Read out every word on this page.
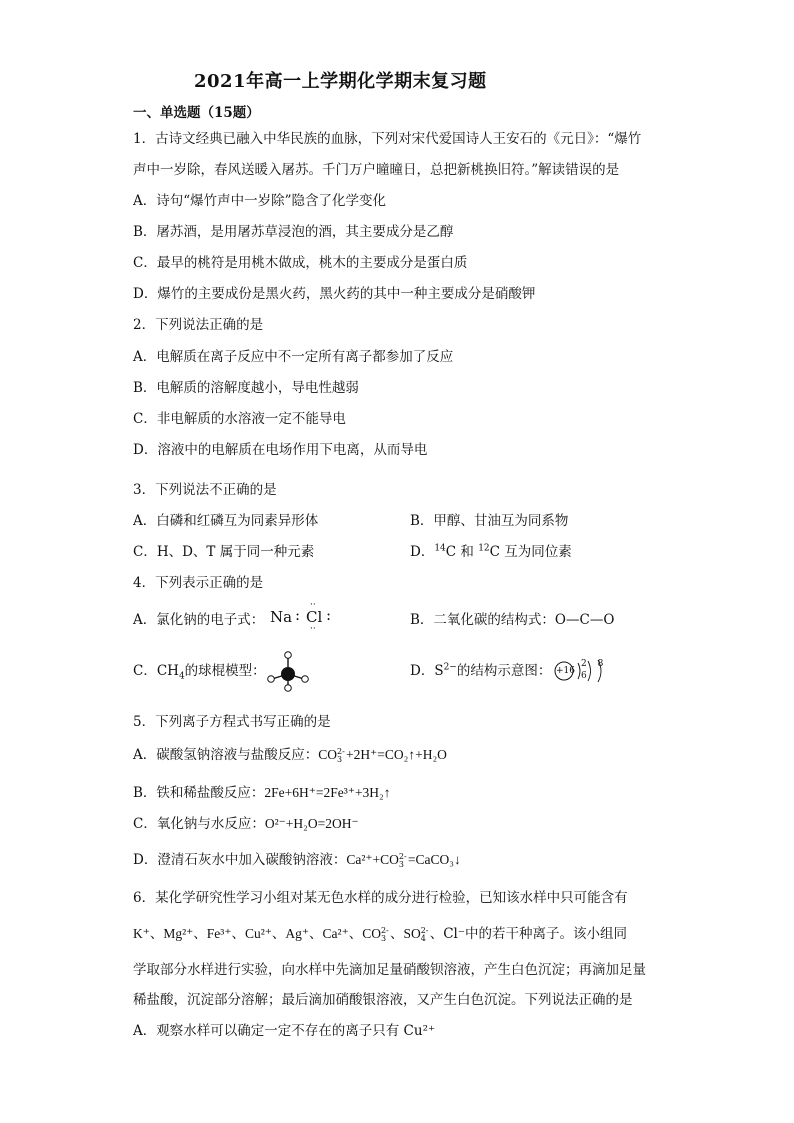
2021年高一上学期化学期末复习题
一、单选题（15题）
1．古诗文经典已融入中华民族的血脉，下列对宋代爱国诗人王安石的《元日》：“爆竹
声中一岁除，春风送暖入屠苏。千门万户曈曈日，总把新桃换旧符。”解读错误的是
A．诗句“爆竹声中一岁除”隐含了化学变化
B．屠苏酒，是用屠苏草浸泡的酒，其主要成分是乙醇
C．最早的桃符是用桃木做成，桃木的主要成分是蛋白质
D．爆竹的主要成份是黑火药，黑火药的其中一种主要成分是硝酸钾
2．下列说法正确的是
A．电解质在离子反应中不一定所有离子都参加了反应
B．电解质的溶解度越小，导电性越弱
C．非电解质的水溶液一定不能导电
D．溶液中的电解质在电场作用下电离，从而导电
3．下列说法不正确的是
A．白磷和红磷互为同素异形体	B．甲醇、甘油互为同系物
C．H、D、T 属于同一种元素	D．$^{14}$C 和 $^{12}$C 互为同位素
4．下列表示正确的是
A．氯化钠的电子式： Na : Cl
··
:
··
B．二氧化碳的结构式：O—C—O
C．$CH_4$的球棍模型：	D．$S^{2-}$的结构示意图： +16
2 8 6
5．下列离子方程式书写正确的是
A．碳酸氢钠溶液与盐酸反应：CO2-
3 +2H⁺=CO₂↑+H₂O
B．铁和稀盐酸反应：2Fe+6H⁺=2Fe³⁺+3H₂↑
C．氧化钠与水反应：O²⁻+H₂O=2OH⁻
D．澄清石灰水中加入碳酸钠溶液：Ca²⁺+CO2-
3 =CaCO₃↓
6．某化学研究性学习小组对某无色水样的成分进行检验，已知该水样中只可能含有
K⁺、Mg²⁺、Fe³⁺、Cu²⁺、Ag⁺、Ca²⁺、CO2-
3 、SO2-
4 、Cl⁻中的若干种离子。该小组同
学取部分水样进行实验，向水样中先滴加足量硝酸钡溶液，产生白色沉淀；再滴加足量
稀盐酸，沉淀部分溶解；最后滴加硝酸银溶液，又产生白色沉淀。下列说法正确的是
A．观察水样可以确定一定不存在的离子只有 Cu²⁺
